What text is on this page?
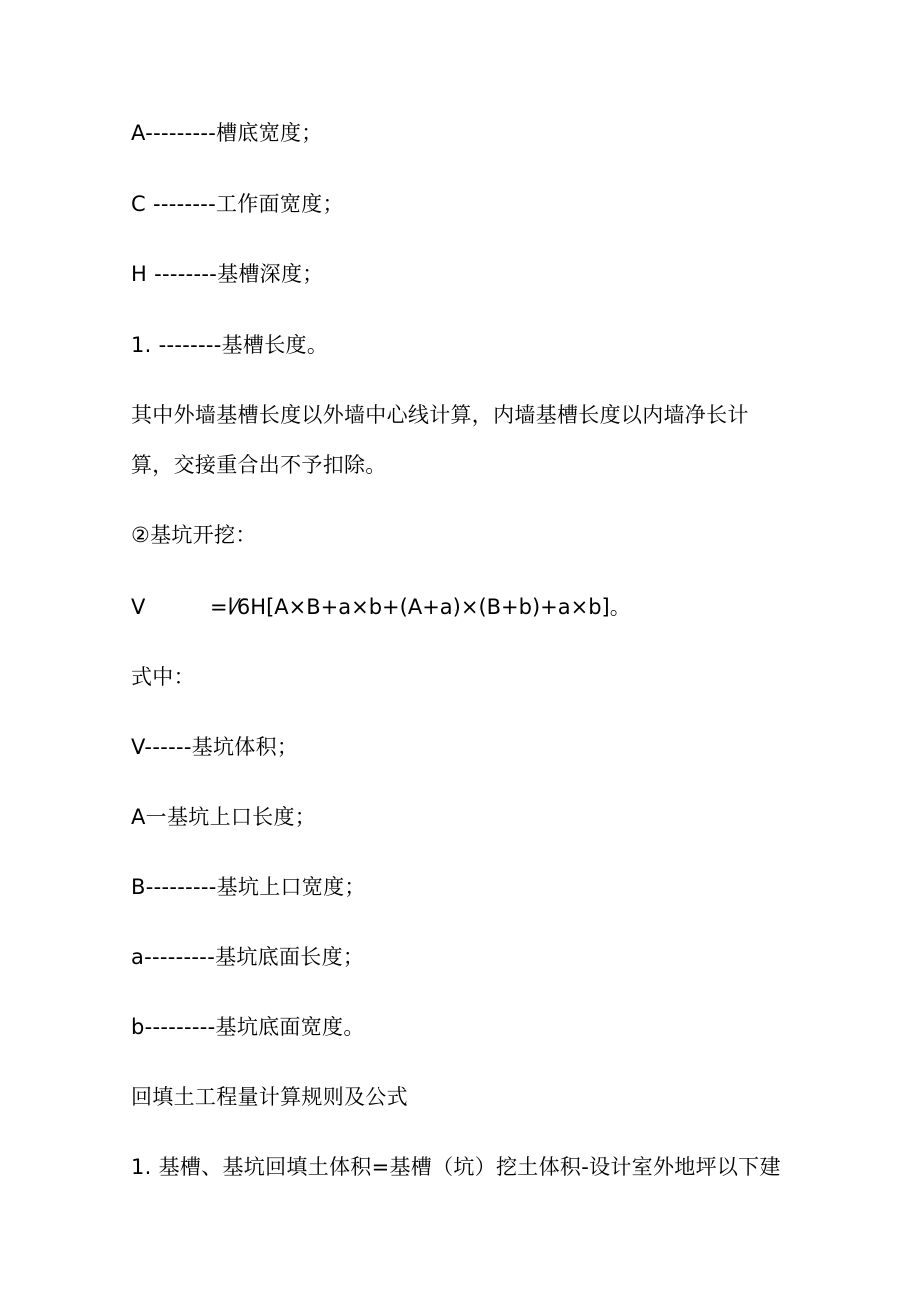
A---------槽底宽度；
C --------工作面宽度；
H --------基槽深度；
1. --------基槽长度。
其中外墙基槽长度以外墙中心线计算，内墙基槽长度以内墙净长计
算，交接重合出不予扣除。
②基坑开挖：
V	=l⁄6H[A×B+a×b+(A+a)×(B+b)+a×b]。
式中：
V------基坑体积；
A一基坑上口长度；
B---------基坑上口宽度；
a---------基坑底面长度；
b---------基坑底面宽度。
回填土工程量计算规则及公式
1. 基槽、基坑回填土体积=基槽（坑）挖土体积-设计室外地坪以下建
